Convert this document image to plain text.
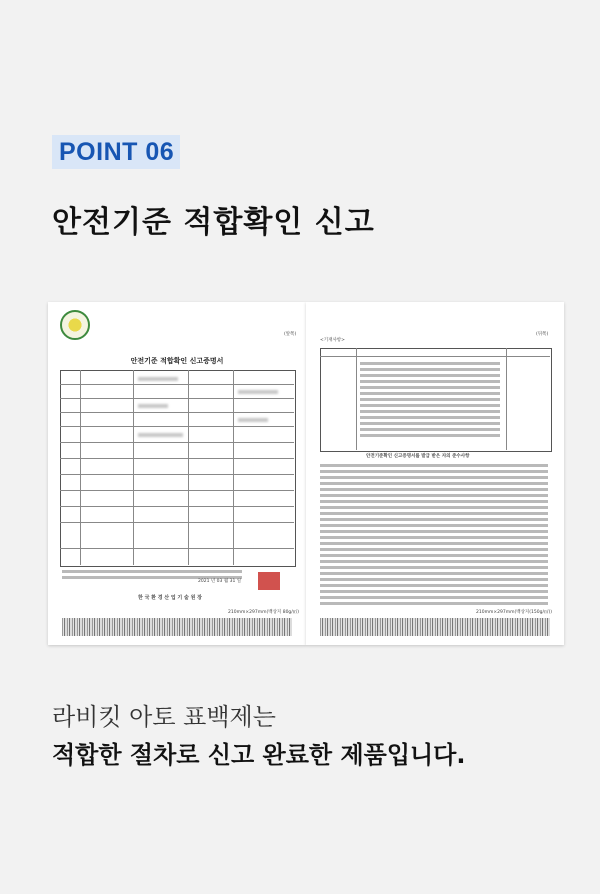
POINT 06
안전기준 적합확인 신고
(앞쪽)
안전기준 적합확인 신고증명서
2021 년 03 월 31 일
한 국 환 경 산 업 기 술 원 장
210mm×297mm(백상지 80g/㎡)
<기재사항>
(뒤쪽)
안전기준확인 신고증명서를 발급 받은 자의 준수사항
210mm×297mm(백상지(150g/㎡))
라비킷 아토 표백제는
적합한 절차로 신고 완료한 제품입니다.
